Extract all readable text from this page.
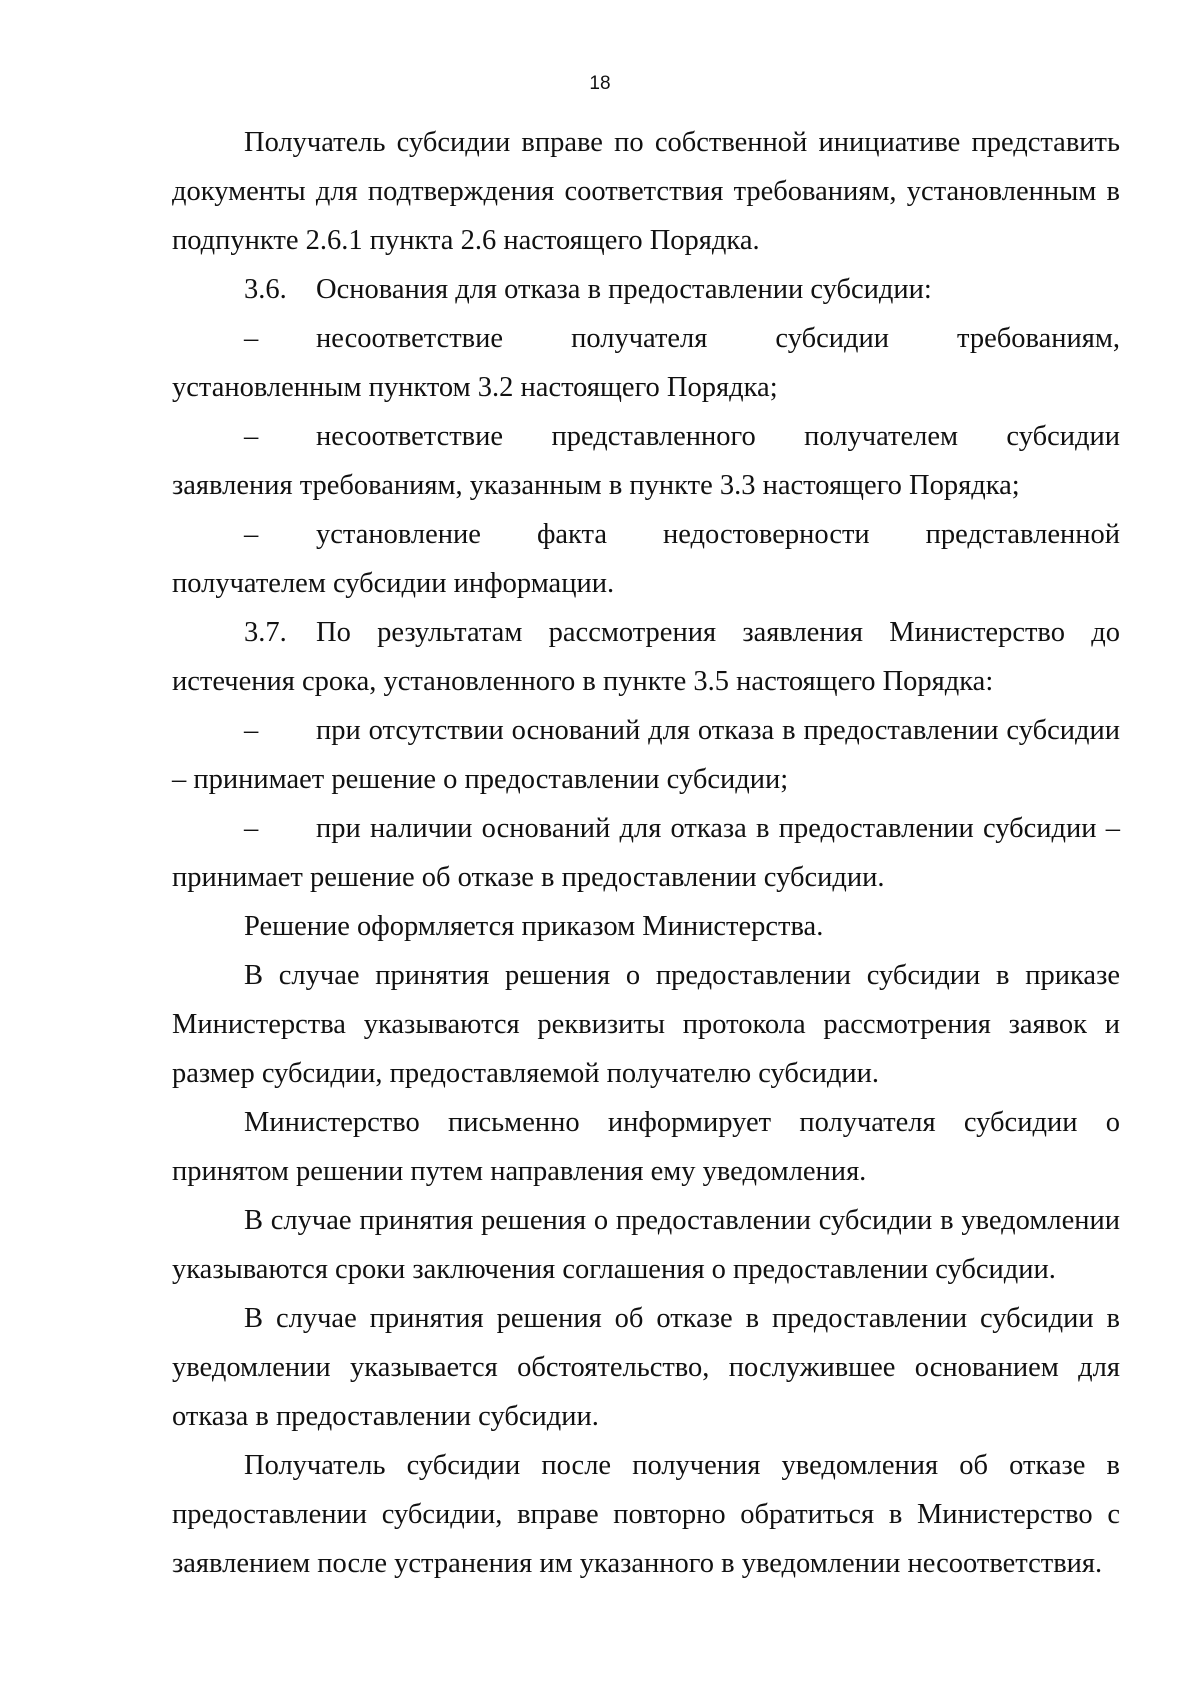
18

Получатель субсидии вправе по собственной инициативе представить документы для подтверждения соответствия требованиям, установленным в подпункте 2.6.1 пункта 2.6 настоящего Порядка.

3.6. Основания для отказа в предоставлении субсидии:

– несоответствие получателя субсидии требованиям, установленным пунктом 3.2 настоящего Порядка;

– несоответствие представленного получателем субсидии заявления требованиям, указанным в пункте 3.3 настоящего Порядка;

– установление факта недостоверности представленной получателем субсидии информации.

3.7. По результатам рассмотрения заявления Министерство до истечения срока, установленного в пункте 3.5 настоящего Порядка:

– при отсутствии оснований для отказа в предоставлении субсидии – принимает решение о предоставлении субсидии;

– при наличии оснований для отказа в предоставлении субсидии – принимает решение об отказе в предоставлении субсидии.

Решение оформляется приказом Министерства.

В случае принятия решения о предоставлении субсидии в приказе Министерства указываются реквизиты протокола рассмотрения заявок и размер субсидии, предоставляемой получателю субсидии.

Министерство письменно информирует получателя субсидии о принятом решении путем направления ему уведомления.

В случае принятия решения о предоставлении субсидии в уведомлении указываются сроки заключения соглашения о предоставлении субсидии.

В случае принятия решения об отказе в предоставлении субсидии в уведомлении указывается обстоятельство, послужившее основанием для отказа в предоставлении субсидии.

Получатель субсидии после получения уведомления об отказе в предоставлении субсидии, вправе повторно обратиться в Министерство с заявлением после устранения им указанного в уведомлении несоответствия.
